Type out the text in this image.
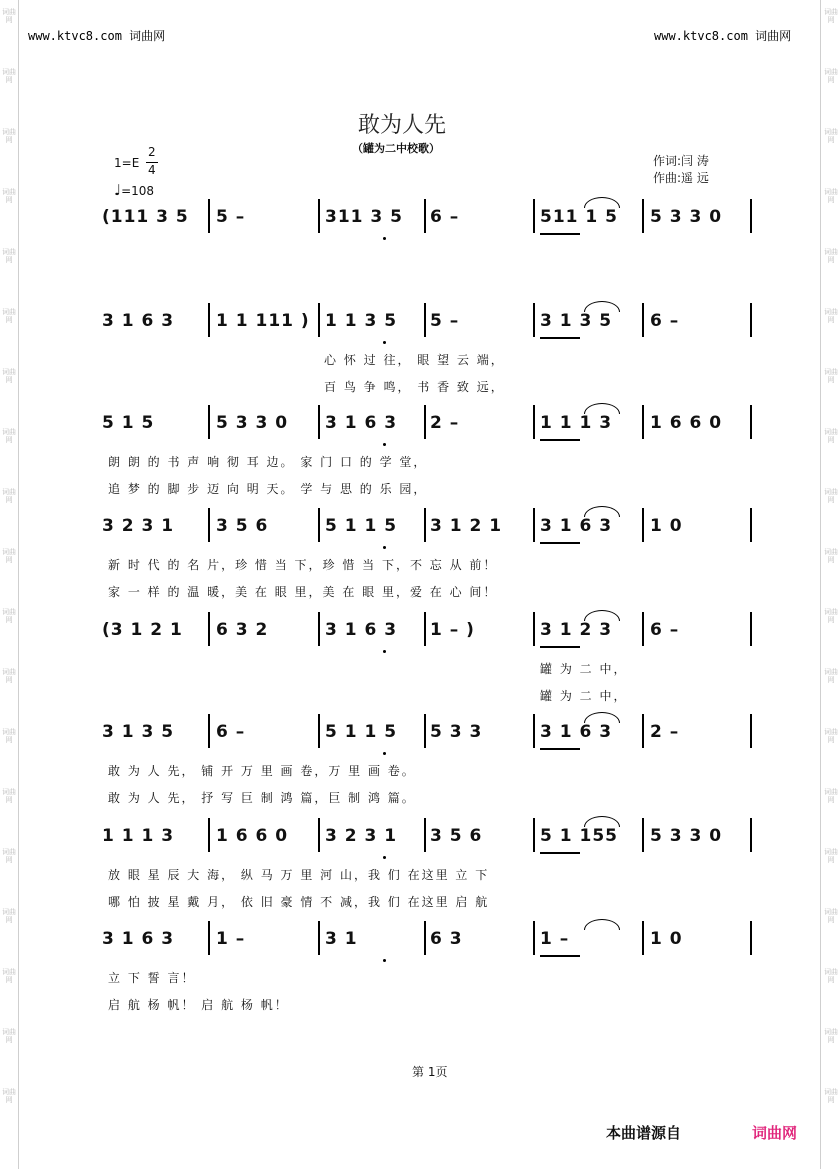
词曲网
词曲网
词曲网
词曲网
词曲网
词曲网
词曲网
词曲网
词曲网
词曲网
词曲网
词曲网
词曲网
词曲网
词曲网
词曲网
词曲网
词曲网
词曲网
词曲网
词曲网
词曲网
词曲网
词曲网
词曲网
词曲网
词曲网
词曲网
词曲网
词曲网
词曲网
词曲网
词曲网
词曲网
词曲网
词曲网
词曲网
词曲网
www.ktvc8.com 词曲网	www.ktvc8.com 词曲网
敢为人先
（罐为二中校歌）
1=E
2
4
♩=108
作词:闫 涛
作曲:遥 远
(111 3 5 5 –	311 3 5 6 –	511 1 5 5 3 3 0
3 1 6 3 1 1 111 ) 1 1 3 5 5 –	3 1 3 5 6 –
心 怀 过 往， 眼 望 云 端，
百 鸟 争 鸣， 书 香 致 远，
5 1 5	5 3 3 0 3 1 6 3 2 –	1 1 1 3 1 6 6 0
朗 朗 的 书 声 响 彻 耳 边。 家 门 口 的 学 堂，
追 梦 的 脚 步 迈 向 明 天。 学 与 思 的 乐 园，
3 2 3 1 3 5 6	5 1 1 5 3 1 2 1 3 1 6 3 1 0
新 时 代 的 名 片，珍 惜 当 下，珍 惜 当 下，不 忘 从 前！
家 一 样 的 温 暖，美 在 眼 里，美 在 眼 里，爱 在 心 间！
(3 1 2 1 6 3 2	3 1 6 3 1 – )	3 1 2 3 6 –
罐 为 二 中，
罐 为 二 中，
3 1 3 5 6 –	5 1 1 5 5 3 3	3 1 6 3 2 –
敢 为 人 先， 铺 开 万 里 画 卷，万 里 画 卷。
敢 为 人 先， 抒 写 巨 制 鸿 篇，巨 制 鸿 篇。
1 1 1 3 1 6 6 0 3 2 3 1 3 5 6	5 1 155 5 3 3 0
放 眼 星 辰 大 海， 纵 马 万 里 河 山，我 们 在这里 立 下
哪 怕 披 星 戴 月， 依 旧 豪 情 不 减，我 们 在这里 启 航
3 1 6 3 1 –	3 1	6 3	1 –	1 0
立 下 誓 言！
启 航 杨 帆！ 启 航 杨 帆！
第 1页
本曲谱源自	词曲网
